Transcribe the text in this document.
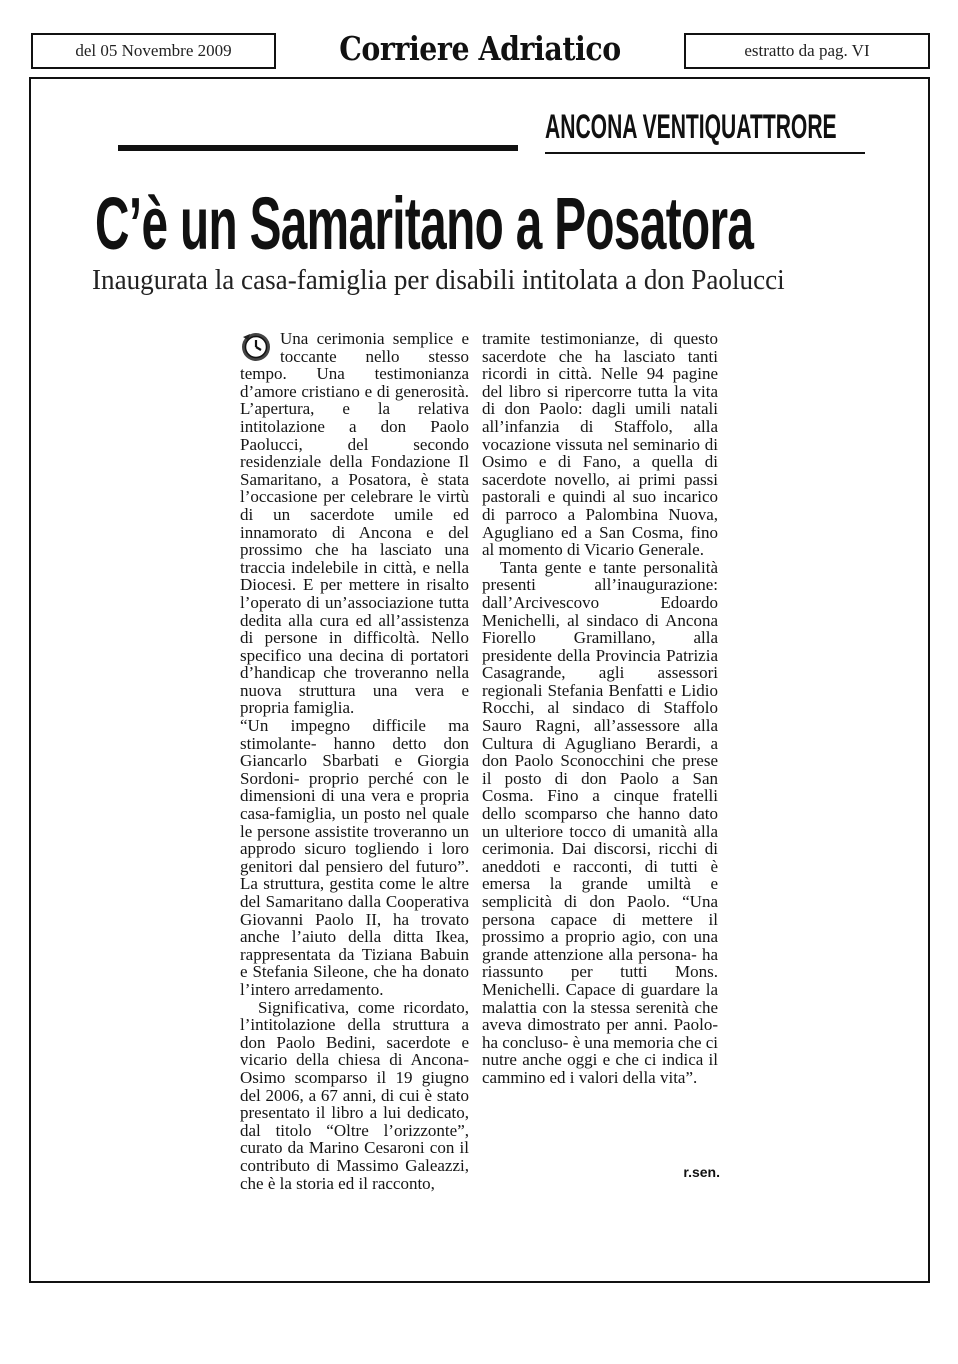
del 05 Novembre 2009	Corriere Adriatico	estratto da pag. VI
ANCONA VENTIQUATTRORE
C’è un Samaritano a Posatora
Inaugurata la casa-famiglia per disabili intitolata a don Paolucci

Una cerimonia semplice e toccante nello stesso tempo. Una testimonianza d’amore cristiano e di generosità. L’apertura, e la relativa intitolazione a don Paolo Paolucci, del secondo residenziale della Fondazione Il Samaritano, a Posatora, è stata l’occasione per celebrare le virtù di un sacerdote umile ed innamorato di Ancona e del prossimo che ha lasciato una traccia indelebile in città, e nella Diocesi. E per mettere in risalto l’operato di un’associazione tutta dedita alla cura ed all’assistenza di persone in difficoltà. Nello specifico una decina di portatori d’handicap che troveranno nella nuova struttura una vera e propria famiglia.

“Un impegno difficile ma stimolante- hanno detto don Giancarlo Sbarbati e Giorgia Sordoni- proprio perché con le dimensioni di una vera e propria casa-famiglia, un posto nel quale le persone assistite troveranno un approdo sicuro togliendo i loro genitori dal pensiero del futuro”. La struttura, gestita come le altre del Samaritano dalla Cooperativa Giovanni Paolo II, ha trovato anche l’aiuto della ditta Ikea, rappresentata da Tiziana Babuin e Stefania Sileone, che ha donato l’intero arredamento.

Significativa, come ricordato, l’intitolazione della struttura a don Paolo Bedini, sacerdote e vicario della chiesa di Ancona-Osimo scomparso il 19 giugno del 2006, a 67 anni, di cui è stato presentato il libro a lui dedicato, dal titolo “Oltre l’orizzonte”, curato da Marino Cesaroni con il contributo di Massimo Galeazzi, che è la storia ed il racconto,

tramite testimonianze, di questo sacerdote che ha lasciato tanti ricordi in città. Nelle 94 pagine del libro si ripercorre tutta la vita di don Paolo: dagli umili natali all’infanzia di Staffolo, alla vocazione vissuta nel seminario di Osimo e di Fano, a quella di sacerdote novello, ai primi passi pastorali e quindi al suo incarico di parroco a Palombina Nuova, Agugliano ed a San Cosma, fino al momento di Vicario Generale.

Tanta gente e tante personalità presenti all’inaugurazione: dall’Arcivescovo Edoardo Menichelli, al sindaco di Ancona Fiorello Gramillano, alla presidente della Provincia Patrizia Casagrande, agli assessori regionali Stefania Benfatti e Lidio Rocchi, al sindaco di Staffolo Sauro Ragni, all’assessore alla Cultura di Agugliano Berardi, a don Paolo Sconocchini che prese il posto di don Paolo a San Cosma. Fino a cinque fratelli dello scomparso che hanno dato un ulteriore tocco di umanità alla cerimonia. Dai discorsi, ricchi di aneddoti e racconti, di tutti è emersa la grande umiltà e semplicità di don Paolo. “Una persona capace di mettere il prossimo a proprio agio, con una grande attenzione alla persona- ha riassunto per tutti Mons. Menichelli. Capace di guardare la malattia con la stessa serenità che aveva dimostrato per anni. Paolo-ha concluso- è una memoria che ci nutre anche oggi e che ci indica il cammino ed i valori della vita”.

r.sen.
